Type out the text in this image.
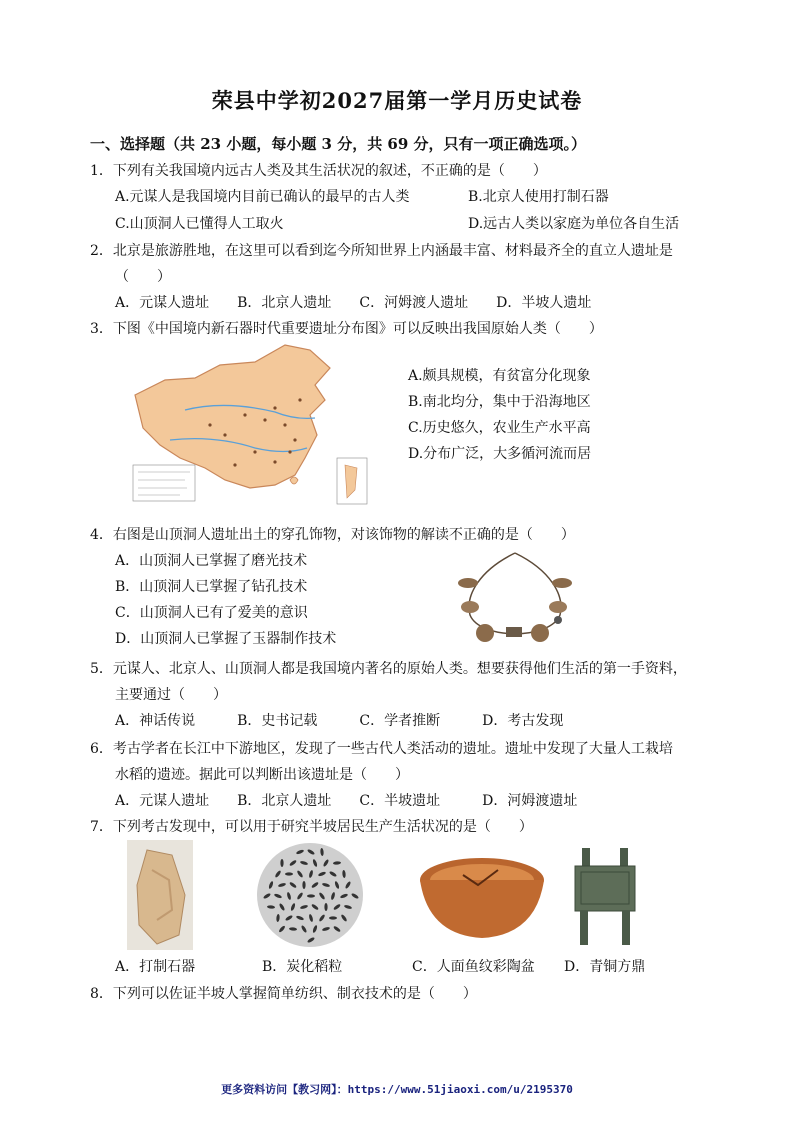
荣县中学初2027届第一学月历史试卷
一、选择题（共 23 小题，每小题 3 分，共 69 分，只有一项正确选项。）
1．下列有关我国境内远古人类及其生活状况的叙述，不正确的是（　　）
A.元谋人是我国境内目前已确认的最早的古人类	B.北京人使用打制石器
C.山顶洞人已懂得人工取火	D.远古人类以家庭为单位各自生活
2．北京是旅游胜地，在这里可以看到迄今所知世界上内涵最丰富、材料最齐全的直立人遗址是
（　　）
A．元谋人遗址　　B．北京人遗址　　C．河姆渡人遗址　　D．半坡人遗址
3．下图《中国境内新石器时代重要遗址分布图》可以反映出我国原始人类（　　）
A.颇具规模，有贫富分化现象
B.南北均分，集中于沿海地区
C.历史悠久，农业生产水平高
D.分布广泛，大多循河流而居
4．右图是山顶洞人遗址出土的穿孔饰物，对该饰物的解读不正确的是（　　）
A．山顶洞人已掌握了磨光技术
B．山顶洞人已掌握了钻孔技术
C．山顶洞人已有了爱美的意识
D．山顶洞人已掌握了玉器制作技术
5．元谋人、北京人、山顶洞人都是我国境内著名的原始人类。想要获得他们生活的第一手资料，
主要通过（　　）
A．神话传说　　　B．史书记载　　　C．学者推断　　　D．考古发现
6．考古学者在长江中下游地区，发现了一些古代人类活动的遗址。遗址中发现了大量人工栽培
水稻的遗迹。据此可以判断出该遗址是（　　）
A．元谋人遗址　　B．北京人遗址　　C．半坡遗址　　　D．河姆渡遗址
7．下列考古发现中，可以用于研究半坡居民生产生活状况的是（　　）
A．打制石器	B．炭化稻粒	C．人面鱼纹彩陶盆 D．青铜方鼎
8．下列可以佐证半坡人掌握简单纺织、制衣技术的是（　　）
更多资料访问【教习网】：https://www.51jiaoxi.com/u/2195370
